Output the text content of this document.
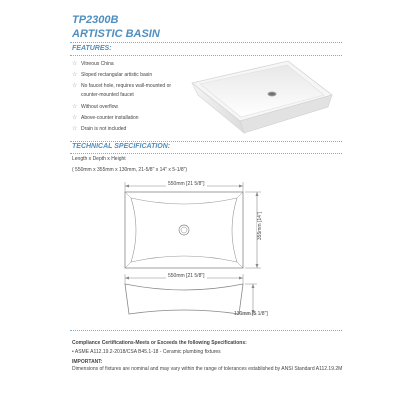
TP2300B
ARTISTIC BASIN
FEATURES:
☆ Vitreous China
☆ Sloped rectangular artistic basin
☆ No faucet hole, requires wall-mounted or
counter-mounted faucet
☆ Without overflow
☆ Above-counter installation
☆ Drain is not included
TECHNICAL SPECIFICATION:
Length x Depth x Height
( 550mm x 355mm x 130mm, 21-5/8" x 14" x 5-1/8")
550mm [21 5/8"]
355mm [14"]
550mm [21 5/8"]
130mm [5 1/8"]
Compliance Certifications-Meets or Exceeds the following Specifications:
• ASME A112.19.2-2018/CSA B45.1-18 - Ceramic plumbing fixtures
IMPORTANT:
Dimensions of fixtures are nominal and may vary within the range of tolerances established by ANSI Standard A112.19.2M
